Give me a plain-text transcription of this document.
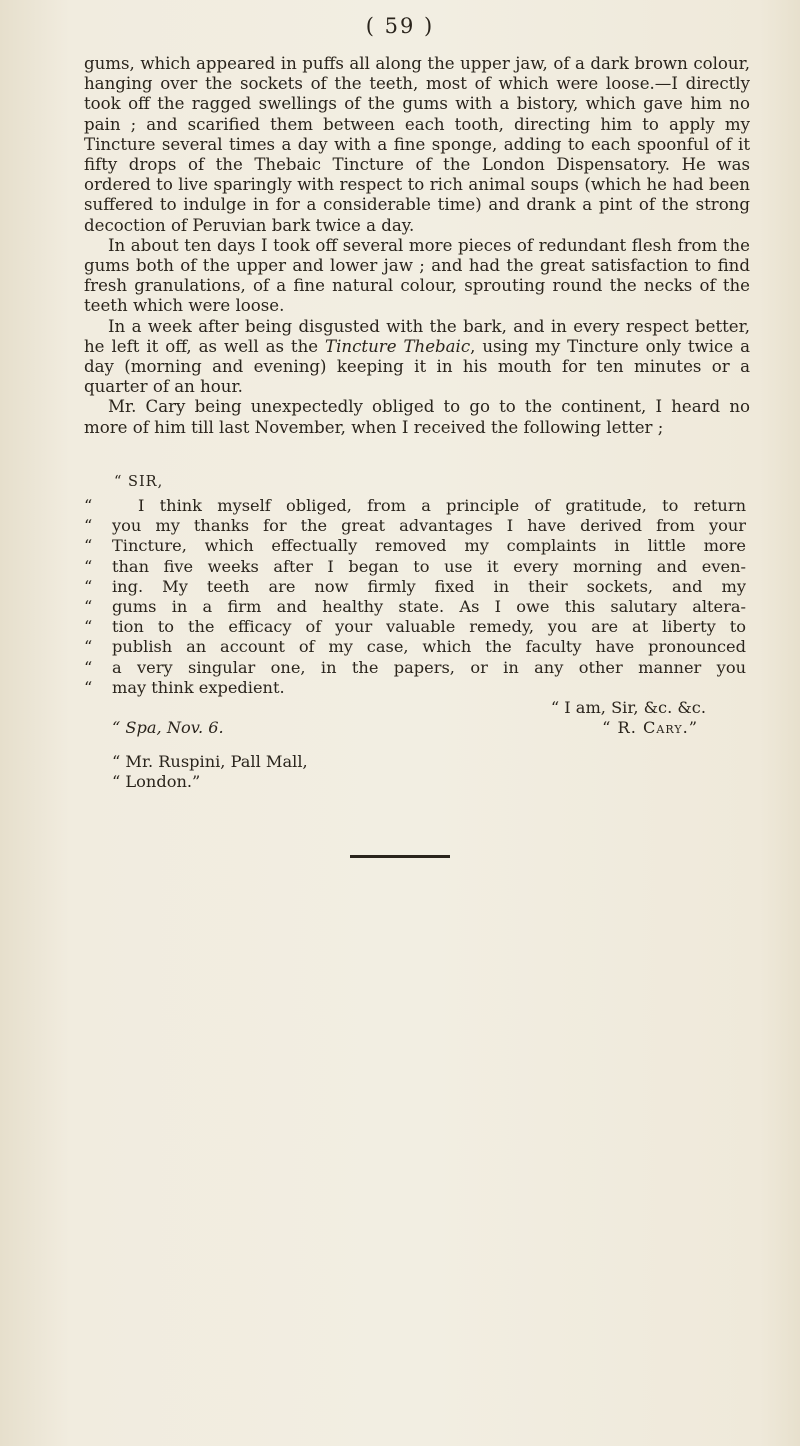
( 59 )

gums, which appeared in puffs all along the upper jaw, of a dark brown colour, hanging over the sockets of the teeth, most of which were loose.—I directly took off the ragged swellings of the gums with a bistory, which gave him no pain ; and scarified them between each tooth, directing him to apply my Tincture several times a day with a fine sponge, adding to each spoonful of it fifty drops of the Thebaic Tincture of the London Dispensatory. He was ordered to live sparingly with respect to rich animal soups (which he had been suffered to indulge in for a considerable time) and drank a pint of the strong decoction of Peruvian bark twice a day.

In about ten days I took off several more pieces of redundant flesh from the gums both of the upper and lower jaw ; and had the great satisfaction to find fresh granulations, of a fine natural colour, sprouting round the necks of the teeth which were loose.

In a week after being disgusted with the bark, and in every respect better, he left it off, as well as the Tincture Thebaic, using my Tincture only twice a day (morning and evening) keeping it in his mouth for ten minutes or a quarter of an hour.

Mr. Cary being unexpectedly obliged to go to the continent, I heard no more of him till last November, when I received the following letter ;

“ SIR,
“ I think myself obliged, from a principle of gratitude, to return
“ you my thanks for the great advantages I have derived from your
“ Tincture, which effectually removed my complaints in little more
“ than five weeks after I began to use it every morning and even-
“ ing. My teeth are now firmly fixed in their sockets, and my
“ gums in a firm and healthy state. As I owe this salutary altera-
“ tion to the efficacy of your valuable remedy, you are at liberty to
“ publish an account of my case, which the faculty have pronounced
“ a very singular one, in the papers, or in any other manner you
“ may think expedient.
“ I am, Sir, &c. &c.
“ Spa, Nov. 6.	“ R. Cary.”
“ Mr. Ruspini, Pall Mall,
“ London.”
